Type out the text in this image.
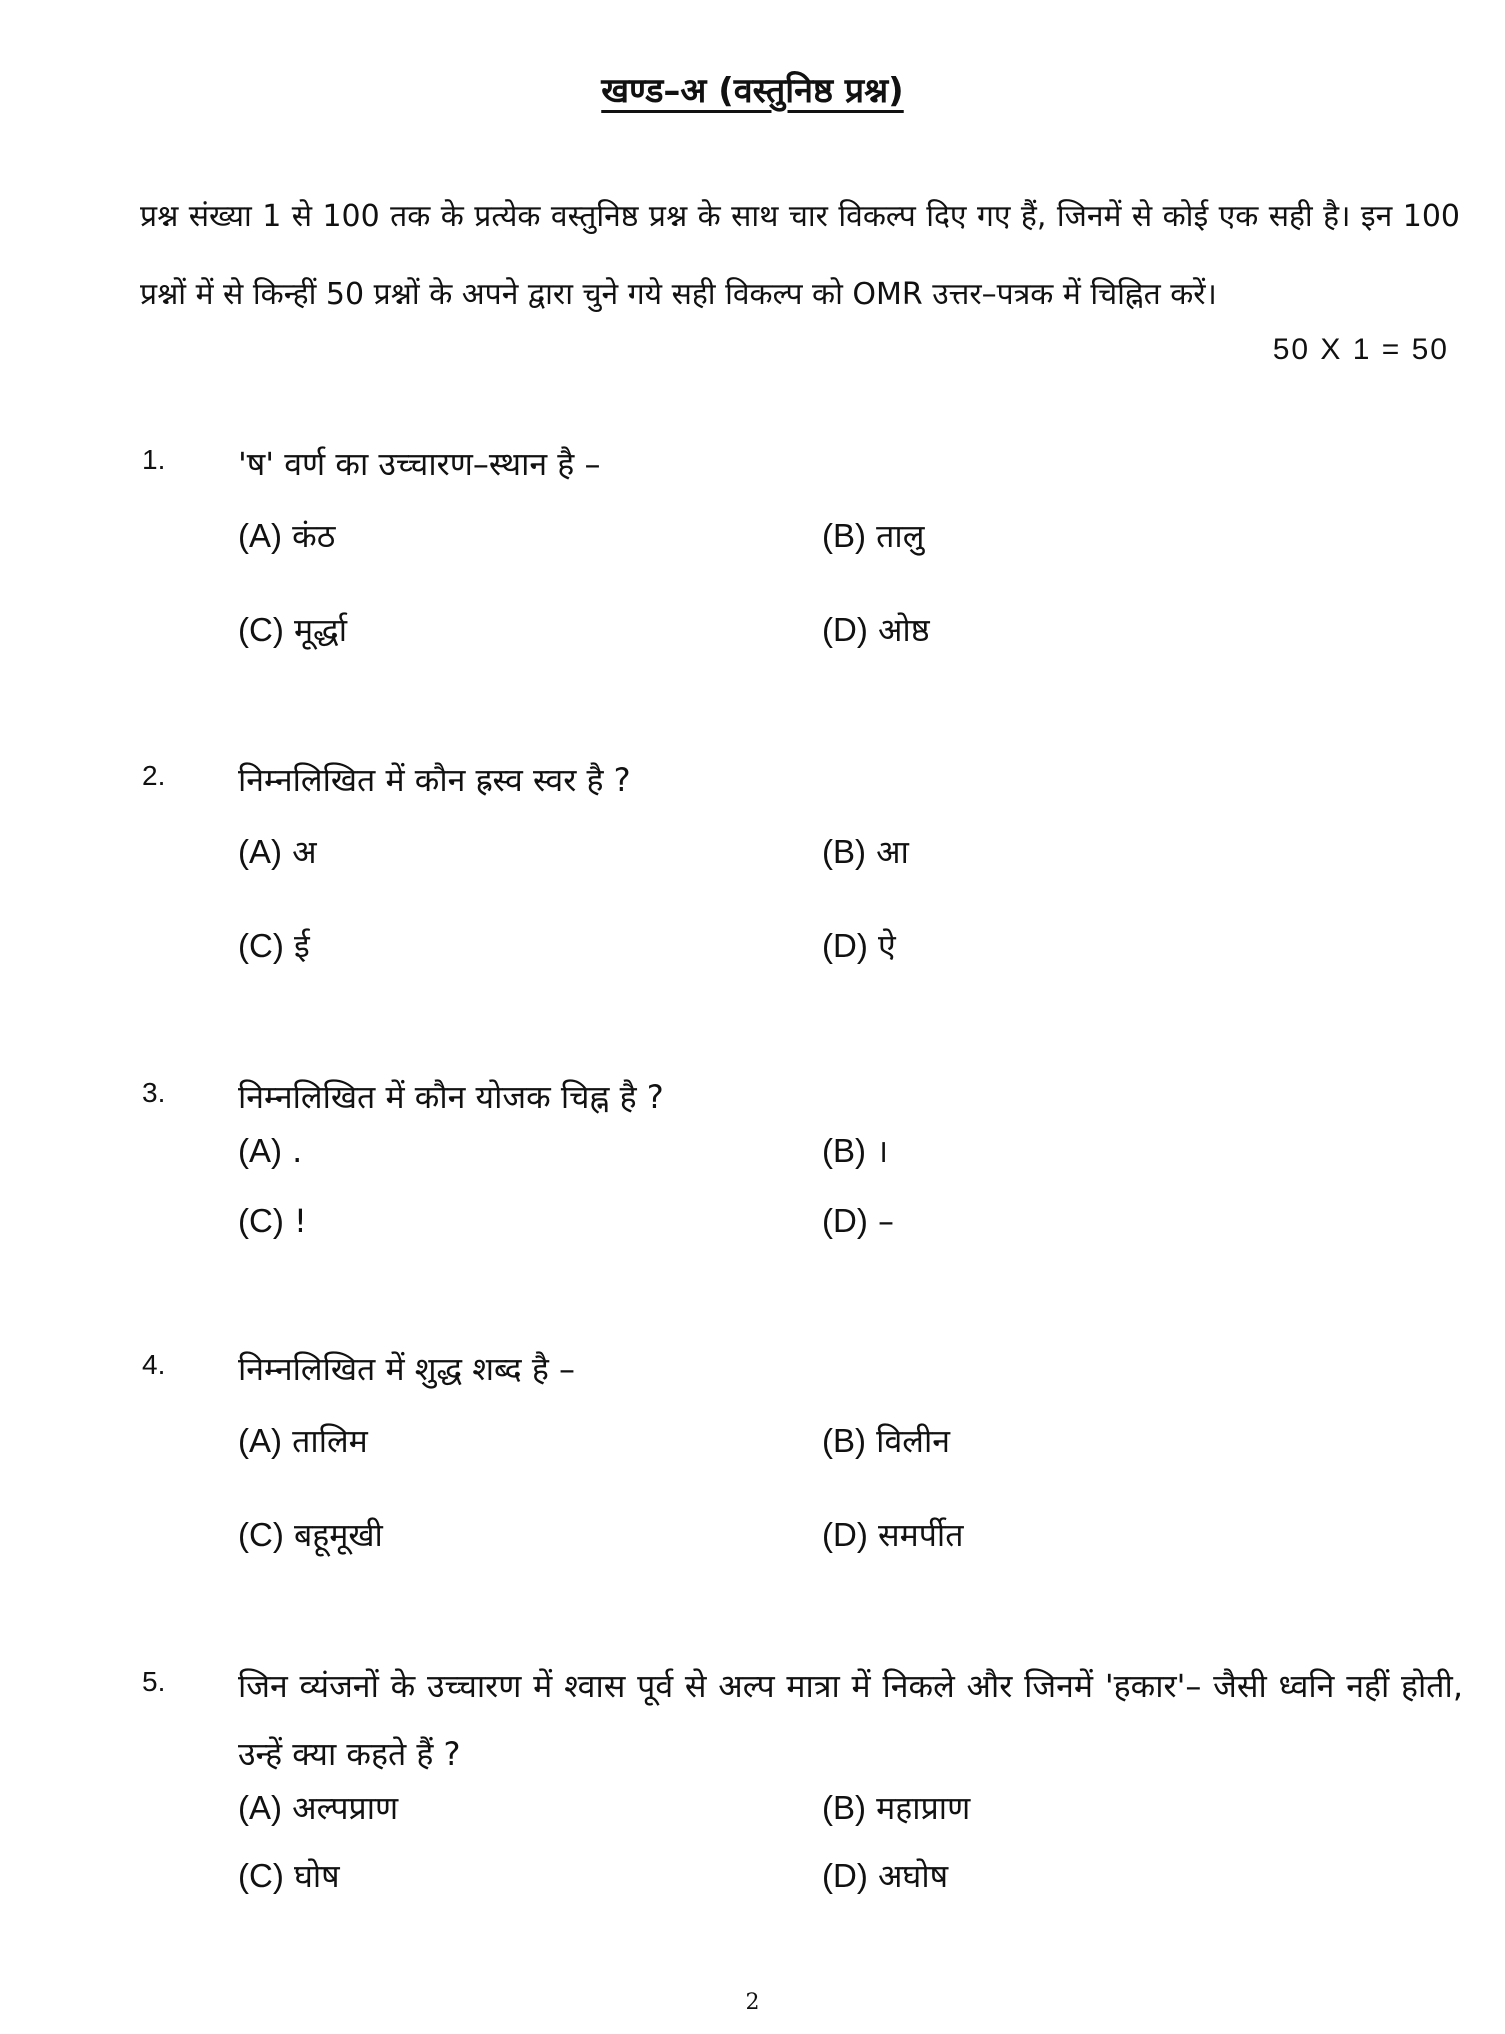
खण्ड–अ (वस्तुनिष्ठ प्रश्न)

प्रश्न संख्या 1 से 100 तक के प्रत्येक वस्तुनिष्ठ प्रश्न के साथ चार विकल्प दिए गए हैं, जिनमें से कोई एक सही है। इन 100 प्रश्नों में से किन्हीं 50 प्रश्नों के अपने द्वारा चुने गये सही विकल्प को OMR उत्तर–पत्रक में चिह्नित करें।

50 X 1 = 50
1. 'ष' वर्ण का उच्चारण–स्थान है –
(A) कंठ	(B) तालु
(C) मूर्द्धा	(D) ओष्ठ
2. निम्नलिखित में कौन ह्रस्व स्वर है ?
(A) अ	(B) आ
(C) ई	(D) ऐ
3. निम्नलिखित में कौन योजक चिह्न है ?
(A) .	(B) ।
(C) !	(D) –
4. निम्नलिखित में शुद्ध शब्द है –
(A) तालिम	(B) विलीन
(C) बहूमूखी	(D) समर्पीत
5. जिन व्यंजनों के उच्चारण में श्वास पूर्व से अल्प मात्रा में निकले और जिनमें 'हकार'– जैसी ध्वनि नहीं होती, उन्हें क्या कहते हैं ?
(A) अल्पप्राण	(B) महाप्राण
(C) घोष	(D) अघोष
2
